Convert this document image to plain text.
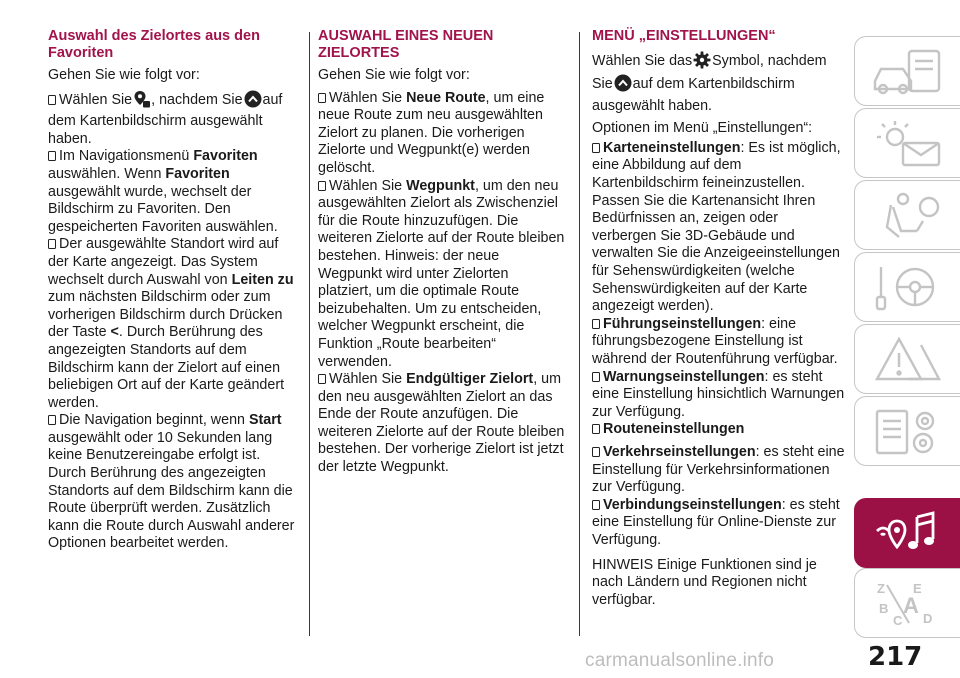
Auswahl des Zielortes aus den Favoriten

Gehen Sie wie folgt vor:

Wählen Sie , nachdem Sie auf dem Kartenbildschirm ausgewählt haben.
Im Navigationsmenü Favoriten auswählen. Wenn Favoriten ausgewählt wurde, wechselt der Bildschirm zu Favoriten. Den gespeicherten Favoriten auswählen.
Der ausgewählte Standort wird auf der Karte angezeigt. Das System wechselt durch Auswahl von Leiten zu zum nächsten Bildschirm oder zum vorherigen Bildschirm durch Drücken der Taste <. Durch Berührung des angezeigten Standorts auf dem Bildschirm kann der Zielort auf einen beliebigen Ort auf der Karte geändert werden.
Die Navigation beginnt, wenn Start ausgewählt oder 10 Sekunden lang keine Benutzereingabe erfolgt ist. Durch Berührung des angezeigten Standorts auf dem Bildschirm kann die Route überprüft werden. Zusätzlich kann die Route durch Auswahl anderer Optionen bearbeitet werden.
AUSWAHL EINES NEUEN ZIELORTES

Gehen Sie wie folgt vor:

Wählen Sie Neue Route, um eine neue Route zum neu ausgewählten Zielort zu planen. Die vorherigen Zielorte und Wegpunkt(e) werden gelöscht.
Wählen Sie Wegpunkt, um den neu ausgewählten Zielort als Zwischenziel für die Route hinzuzufügen. Die weiteren Zielorte auf der Route bleiben bestehen. Hinweis: der neue Wegpunkt wird unter Zielorten platziert, um die optimale Route beizubehalten. Um zu entscheiden, welcher Wegpunkt erscheint, die Funktion „Route bearbeiten“ verwenden.
Wählen Sie Endgültiger Zielort, um den neu ausgewählten Zielort an das Ende der Route anzufügen. Die weiteren Zielorte auf der Route bleiben bestehen. Der vorherige Zielort ist jetzt der letzte Wegpunkt.
MENÜ „EINSTELLUNGEN“

Wählen Sie das Symbol, nachdem Sie auf dem Kartenbildschirm ausgewählt haben.

Optionen im Menü „Einstellungen“:

Karteneinstellungen: Es ist möglich, eine Abbildung auf dem Kartenbildschirm feineinzustellen. Passen Sie die Kartenansicht Ihren Bedürfnissen an, zeigen oder verbergen Sie 3D-Gebäude und verwalten Sie die Anzeigeeinstellungen für Sehenswürdigkeiten (welche Sehenswürdigkeiten auf der Karte angezeigt werden).
Führungseinstellungen: eine führungsbezogene Einstellung ist während der Routenführung verfügbar.
Warnungseinstellungen: es steht eine Einstellung hinsichtlich Warnungen zur Verfügung.
Routeneinstellungen
Verkehrseinstellungen: es steht eine Einstellung für Verkehrsinformationen zur Verfügung.
Verbindungseinstellungen: es steht eine Einstellung für Online-Dienste zur Verfügung.

HINWEIS Einige Funktionen sind je nach Ländern und Regionen nicht verfügbar.

Z E
B A
C D
217
carmanualsonline.info
